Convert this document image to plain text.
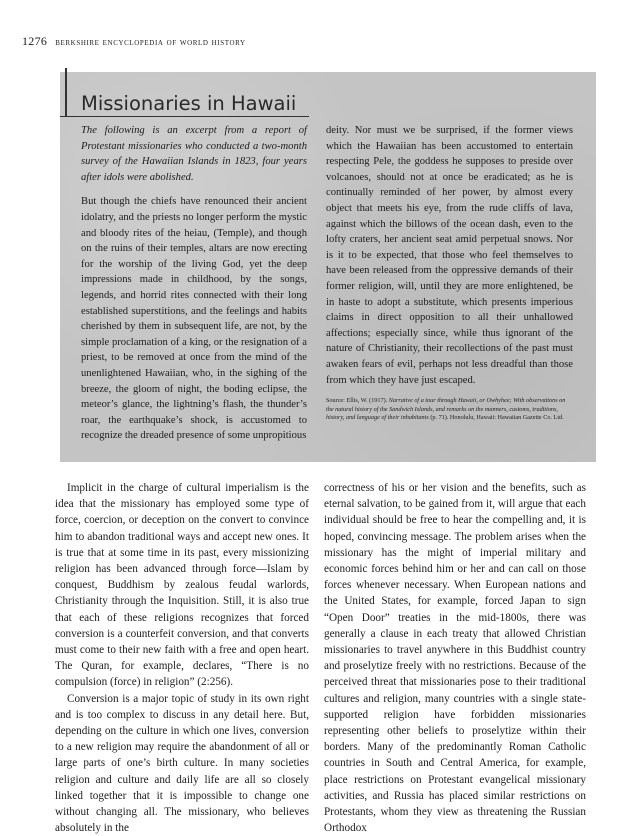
1276 berkshire encyclopedia of world history
Missionaries in Hawaii

The following is an excerpt from a report of Protestant missionaries who conducted a two-month survey of the Hawaiian Islands in 1823, four years after idols were abolished.

But though the chiefs have renounced their ancient idolatry, and the priests no longer perform the mystic and bloody rites of the heiau, (Temple), and though on the ruins of their temples, altars are now erecting for the worship of the living God, yet the deep impressions made in childhood, by the songs, legends, and horrid rites connected with their long established superstitions, and the feelings and habits cherished by them in subsequent life, are not, by the simple proclamation of a king, or the resignation of a priest, to be removed at once from the mind of the unenlightened Hawaiian, who, in the sighing of the breeze, the gloom of night, the boding eclipse, the meteor’s glance, the lightning’s flash, the thunder’s roar, the earthquake’s shock, is accustomed to recognize the dreaded presence of some unpropitious

deity. Nor must we be surprised, if the former views which the Hawaiian has been accustomed to entertain respecting Pele, the goddess he supposes to preside over volcanoes, should not at once be eradicated; as he is continually reminded of her power, by almost every object that meets his eye, from the rude cliffs of lava, against which the billows of the ocean dash, even to the lofty craters, her ancient seat amid perpetual snows. Nor is it to be expected, that those who feel themselves to have been released from the oppressive demands of their former religion, will, until they are more enlightened, be in haste to adopt a substitute, which presents imperious claims in direct opposition to all their unhallowed affections; especially since, while thus ignorant of the nature of Christianity, their recollections of the past must awaken fears of evil, perhaps not less dreadful than those from which they have just escaped.

Source: Ellis, W. (1917). Narrative of a tour through Hawaii, or Owhyhee; With observations on the natural history of the Sandwich Islands, and remarks on the manners, customs, traditions, history, and language of their inhabitants (p. 71). Honolulu, Hawaii: Hawaiian Gazette Co. Ltd.

Implicit in the charge of cultural imperialism is the idea that the missionary has employed some type of force, coercion, or deception on the convert to convince him to abandon traditional ways and accept new ones. It is true that at some time in its past, every missionizing religion has been advanced through force—Islam by conquest, Buddhism by zealous feudal warlords, Christianity through the Inquisition. Still, it is also true that each of these religions recognizes that forced conversion is a counterfeit conversion, and that converts must come to their new faith with a free and open heart. The Quran, for example, declares, “There is no compulsion (force) in religion” (2:256).

Conversion is a major topic of study in its own right and is too complex to discuss in any detail here. But, depending on the culture in which one lives, conversion to a new religion may require the abandonment of all or large parts of one’s birth culture. In many societies religion and culture and daily life are all so closely linked together that it is impossible to change one without changing all. The missionary, who believes absolutely in the

correctness of his or her vision and the benefits, such as eternal salvation, to be gained from it, will argue that each individual should be free to hear the compelling and, it is hoped, convincing message. The problem arises when the missionary has the might of imperial military and economic forces behind him or her and can call on those forces whenever necessary. When European nations and the United States, for example, forced Japan to sign “Open Door” treaties in the mid-1800s, there was generally a clause in each treaty that allowed Christian missionaries to travel anywhere in this Buddhist country and proselytize freely with no restrictions. Because of the perceived threat that missionaries pose to their traditional cultures and religion, many countries with a single state-supported religion have forbidden missionaries representing other beliefs to proselytize within their borders. Many of the predominantly Roman Catholic countries in South and Central America, for example, place restrictions on Protestant evangelical missionary activities, and Russia has placed similar restrictions on Protestants, whom they view as threatening the Russian Orthodox
